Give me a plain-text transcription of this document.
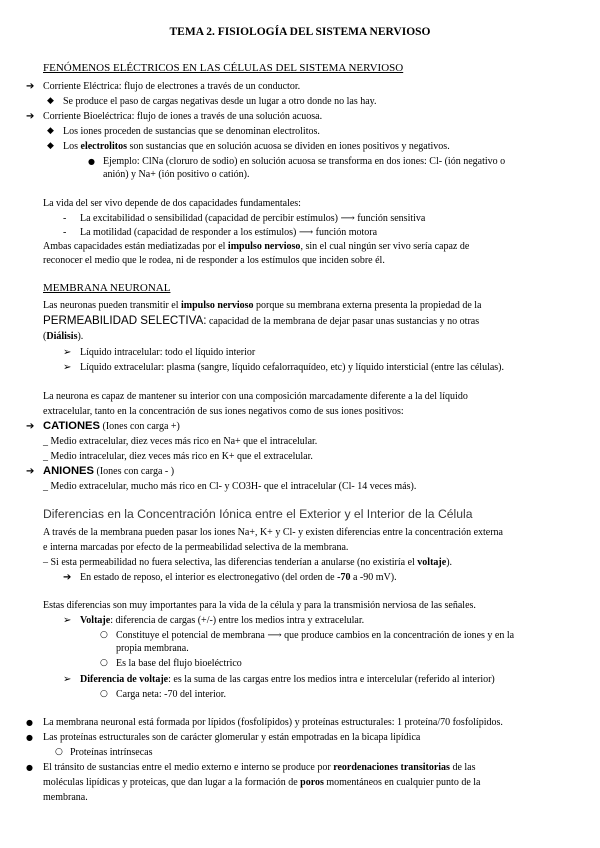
TEMA 2. FISIOLOGÍA DEL SISTEMA NERVIOSO
FENÓMENOS ELÉCTRICOS EN LAS CÉLULAS DEL SISTEMA NERVIOSO
➔ Corriente Eléctrica: flujo de electrones a través de un conductor.
◆ Se produce el paso de cargas negativas desde un lugar a otro donde no las hay.
➔ Corriente Bioeléctrica: flujo de iones a través de una solución acuosa.
◆ Los iones proceden de sustancias que se denominan electrolitos.
◆ Los electrolitos son sustancias que en solución acuosa se dividen en iones positivos y negativos.
● Ejemplo: ClNa (cloruro de sodio) en solución acuosa se transforma en dos iones: Cl- (ión negativo o
anión) y Na+ (ión positivo o catión).
La vida del ser vivo depende de dos capacidades fundamentales:
- La excitabilidad o sensibilidad (capacidad de percibir estímulos) ⟶ función sensitiva
- La motilidad (capacidad de responder a los estímulos) ⟶ función motora
Ambas capacidades están mediatizadas por el impulso nervioso, sin el cual ningún ser vivo sería capaz de
reconocer el medio que le rodea, ni de responder a los estímulos que inciden sobre él.
MEMBRANA NEURONAL
Las neuronas pueden transmitir el impulso nervioso porque su membrana externa presenta la propiedad de la
PERMEABILIDAD SELECTIVA: capacidad de la membrana de dejar pasar unas sustancias y no otras
(Diálisis).
➢ Líquido intracelular: todo el líquido interior
➢ Líquido extracelular: plasma (sangre, líquido cefalorraquídeo, etc) y líquido intersticial (entre las células).
La neurona es capaz de mantener su interior con una composición marcadamente diferente a la del líquido
extracelular, tanto en la concentración de sus iones negativos como de sus iones positivos:
➔ CATIONES (Iones con carga +)
_ Medio extracelular, diez veces más rico en Na+ que el intracelular.
_ Medio intracelular, diez veces más rico en K+ que el extracelular.
➔ ANIONES (Iones con carga - )
_ Medio extracelular, mucho más rico en Cl- y CO3H- que el intracelular (Cl- 14 veces más).
Diferencias en la Concentración Iónica entre el Exterior y el Interior de la Célula
A través de la membrana pueden pasar los iones Na+, K+ y Cl- y existen diferencias entre la concentración externa
e interna marcadas por efecto de la permeabilidad selectiva de la membrana.
– Si esta permeabilidad no fuera selectiva, las diferencias tenderían a anularse (no existiría el voltaje).
➔ En estado de reposo, el interior es electronegativo (del orden de -70 a -90 mV).
Estas diferencias son muy importantes para la vida de la célula y para la transmisión nerviosa de las señales.
➢ Voltaje: diferencia de cargas (+/-) entre los medios intra y extracelular.
○ Constituye el potencial de membrana ⟶ que produce cambios en la concentración de iones y en la
propia membrana.
○ Es la base del flujo bioeléctrico
➢ Diferencia de voltaje: es la suma de las cargas entre los medios intra e intercelular (referido al interior)
○ Carga neta: -70 del interior.
● La membrana neuronal está formada por lípidos (fosfolípidos) y proteínas estructurales: 1 proteína/70 fosfolípidos.
● Las proteínas estructurales son de carácter glomerular y están empotradas en la bicapa lipídica
○ Proteínas intrínsecas
● El tránsito de sustancias entre el medio externo e interno se produce por reordenaciones transitorias de las
moléculas lipídicas y proteicas, que dan lugar a la formación de poros momentáneos en cualquier punto de la
membrana.
